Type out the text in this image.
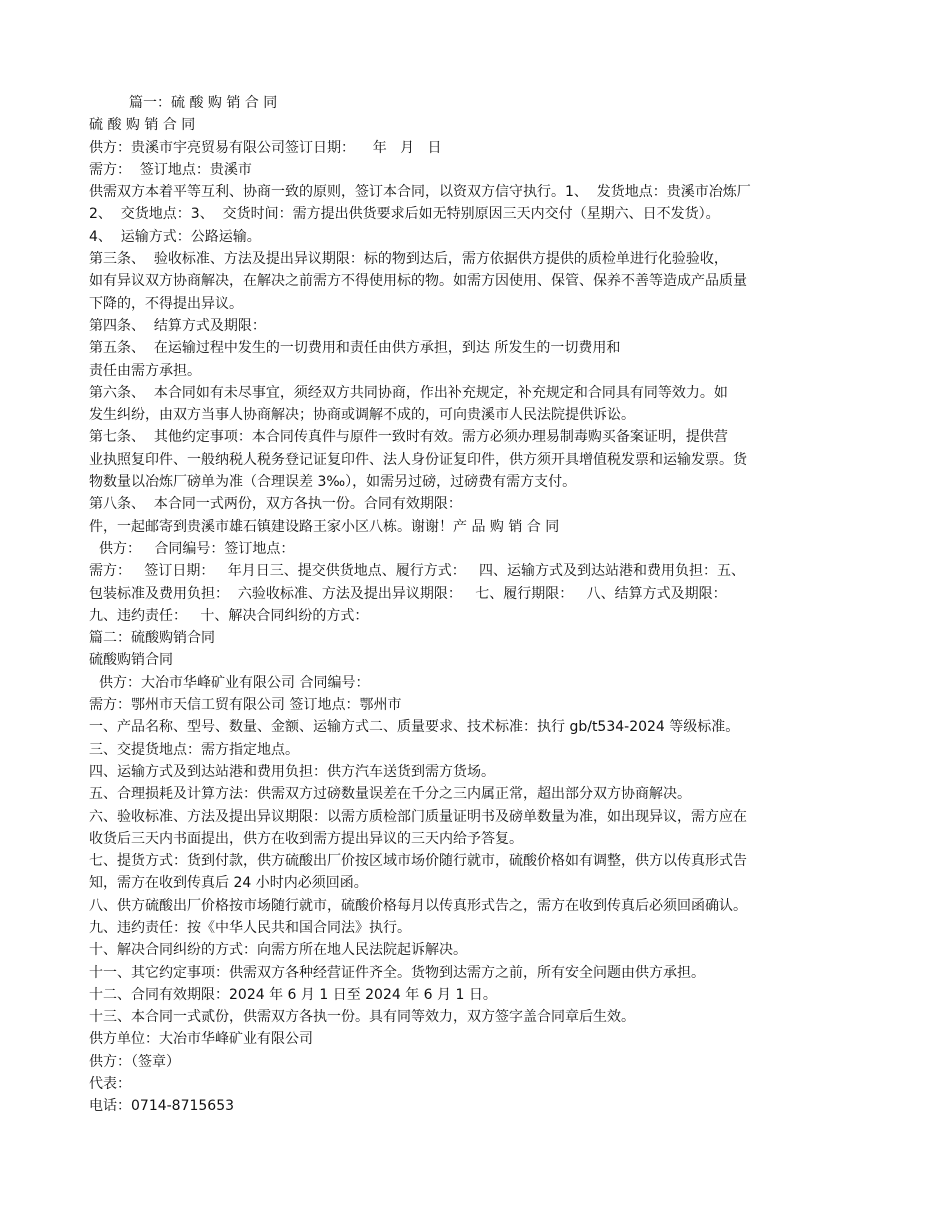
篇一：硫 酸 购 销 合 同
硫 酸 购 销 合 同
供方：贵溪市宇亮贸易有限公司签订日期：    年   月   日
需方：  签订地点：贵溪市
供需双方本着平等互利、协商一致的原则，签订本合同，以资双方信守执行。1、  发货地点：贵溪市冶炼厂
2、  交货地点：3、  交货时间：需方提出供货要求后如无特别原因三天内交付（星期六、日不发货）。
4、  运输方式：公路运输。
第三条、  验收标准、方法及提出异议期限：标的物到达后，需方依据供方提供的质检单进行化验验收，
如有异议双方协商解决，在解决之前需方不得使用标的物。如需方因使用、保管、保养不善等造成产品质量
下降的，不得提出异议。
第四条、  结算方式及期限：
第五条、  在运输过程中发生的一切费用和责任由供方承担，到达 所发生的一切费用和
责任由需方承担。
第六条、  本合同如有未尽事宜，须经双方共同协商，作出补充规定，补充规定和合同具有同等效力。如
发生纠纷，由双方当事人协商解决；协商或调解不成的，可向贵溪市人民法院提供诉讼。
第七条、  其他约定事项：本合同传真件与原件一致时有效。需方必须办理易制毒购买备案证明，提供营
业执照复印件、一般纳税人税务登记证复印件、法人身份证复印件，供方须开具增值税发票和运输发票。货
物数量以冶炼厂磅单为准（合理误差 3‰），如需另过磅，过磅费有需方支付。
第八条、  本合同一式两份，双方各执一份。合同有效期限：
件，一起邮寄到贵溪市雄石镇建设路王家小区八栋。谢谢！产 品 购 销 合 同
供方：   合同编号：签订地点：
需方：   签订日期：   年月日三、提交供货地点、履行方式：   四、运输方式及到达站港和费用负担：五、
包装标准及费用负担：  六验收标准、方法及提出异议期限：   七、履行期限：   八、结算方式及期限：
九、违约责任：   十、解决合同纠纷的方式：
篇二：硫酸购销合同
硫酸购销合同
供方：大冶市华峰矿业有限公司 合同编号：
需方：鄂州市天信工贸有限公司 签订地点：鄂州市
一、产品名称、型号、数量、金额、运输方式二、质量要求、技术标准：执行 gb/t534-2024 等级标准。
三、交提货地点：需方指定地点。
四、运输方式及到达站港和费用负担：供方汽车送货到需方货场。
五、合理损耗及计算方法：供需双方过磅数量误差在千分之三内属正常，超出部分双方协商解决。
六、验收标准、方法及提出异议期限：以需方质检部门质量证明书及磅单数量为准，如出现异议，需方应在
收货后三天内书面提出，供方在收到需方提出异议的三天内给予答复。
七、提货方式：货到付款，供方硫酸出厂价按区域市场价随行就市，硫酸价格如有调整，供方以传真形式告
知，需方在收到传真后 24 小时内必须回函。
八、供方硫酸出厂价格按市场随行就市，硫酸价格每月以传真形式告之，需方在收到传真后必须回函确认。
九、违约责任：按《中华人民共和国合同法》执行。
十、解决合同纠纷的方式：向需方所在地人民法院起诉解决。
十一、其它约定事项：供需双方各种经营证件齐全。货物到达需方之前，所有安全问题由供方承担。
十二、合同有效期限：2024 年 6 月 1 日至 2024 年 6 月 1 日。
十三、本合同一式贰份，供需双方各执一份。具有同等效力，双方签字盖合同章后生效。
供方单位：大冶市华峰矿业有限公司
供方：（签章）
代表：
电话：0714-8715653
